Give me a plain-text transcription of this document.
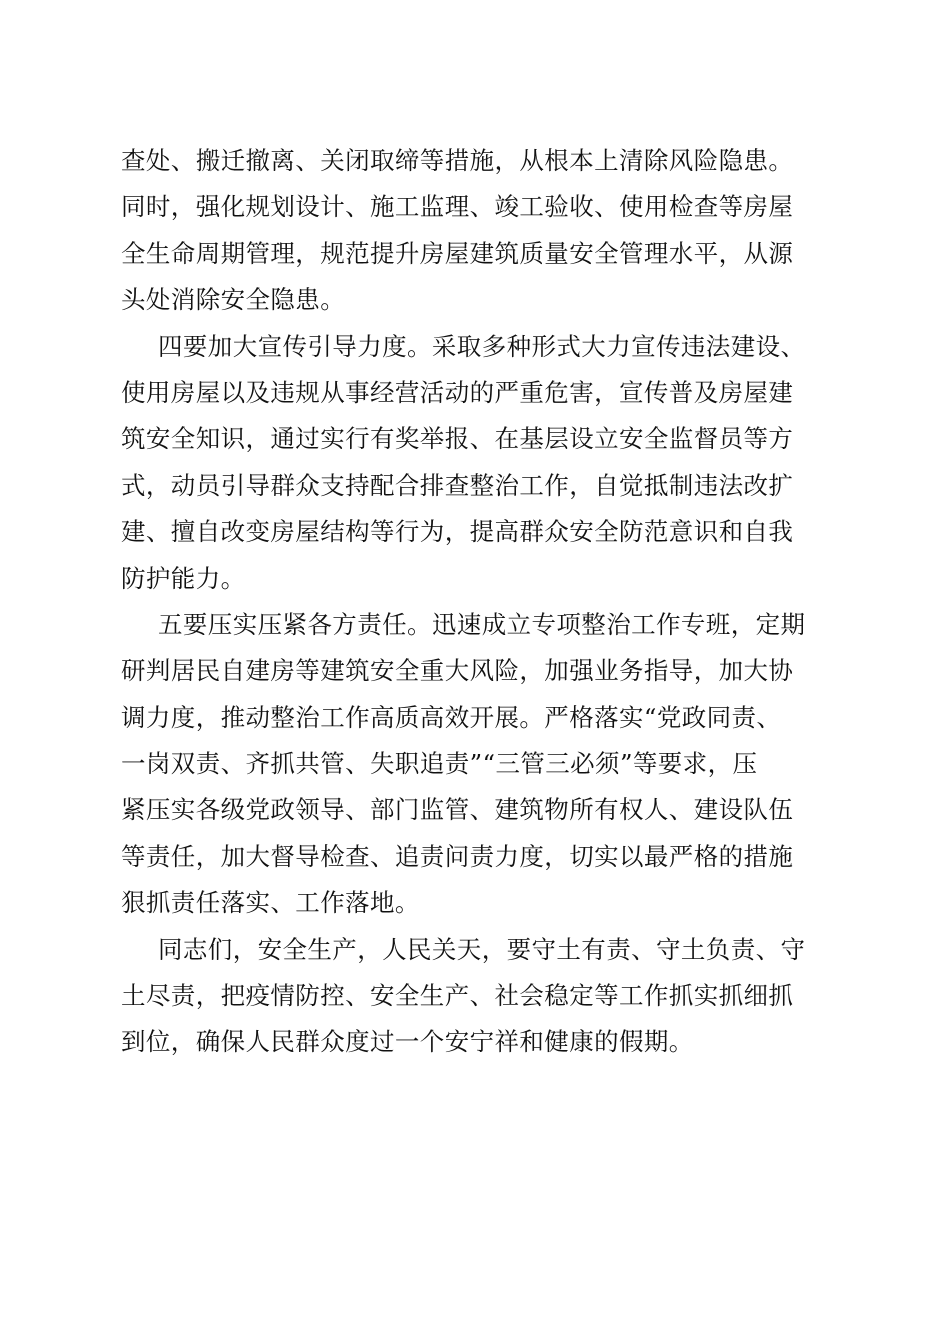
查处、搬迁撤离、关闭取缔等措施，从根本上清除风险隐患。
同时，强化规划设计、施工监理、竣工验收、使用检查等房屋
全生命周期管理，规范提升房屋建筑质量安全管理水平，从源
头处消除安全隐患。
四要加大宣传引导力度。采取多种形式大力宣传违法建设、
使用房屋以及违规从事经营活动的严重危害，宣传普及房屋建
筑安全知识，通过实行有奖举报、在基层设立安全监督员等方
式，动员引导群众支持配合排查整治工作，自觉抵制违法改扩
建、擅自改变房屋结构等行为，提高群众安全防范意识和自我
防护能力。
五要压实压紧各方责任。迅速成立专项整治工作专班，定期
研判居民自建房等建筑安全重大风险，加强业务指导，加大协
调力度，推动整治工作高质高效开展。严格落实“党政同责、
一岗双责、齐抓共管、失职追责”“三管三必须”等要求，压
紧压实各级党政领导、部门监管、建筑物所有权人、建设队伍
等责任，加大督导检查、追责问责力度，切实以最严格的措施
狠抓责任落实、工作落地。
同志们，安全生产，人民关天，要守土有责、守土负责、守
土尽责，把疫情防控、安全生产、社会稳定等工作抓实抓细抓
到位，确保人民群众度过一个安宁祥和健康的假期。
